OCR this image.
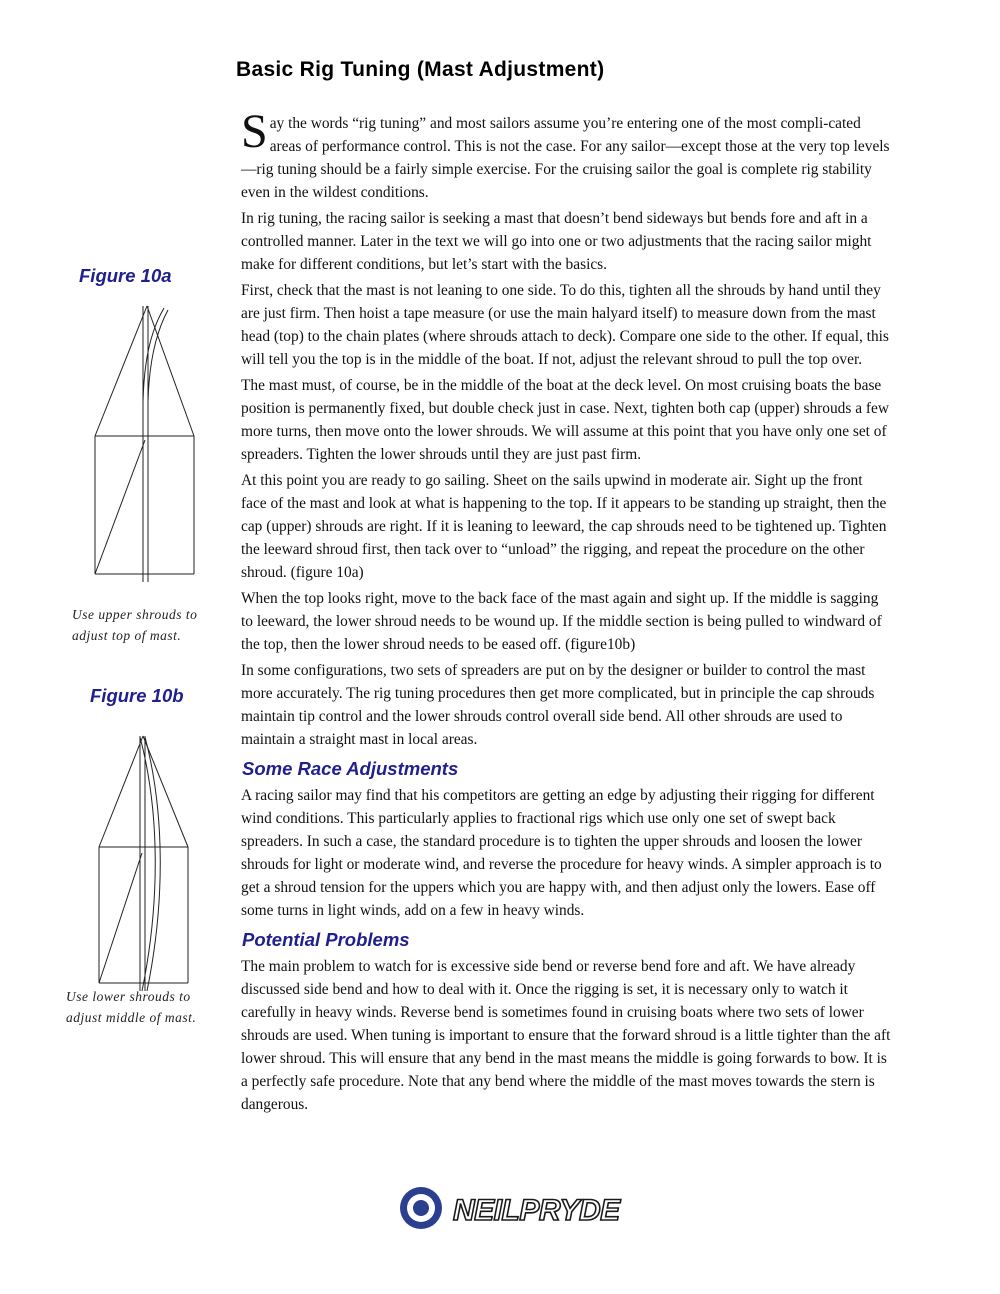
Basic Rig Tuning (Mast Adjustment)
Figure 10a
Use upper shrouds to
adjust top of mast.
Figure 10b
Use lower shrouds to
adjust middle of mast.

Say the words “rig tuning” and most sailors assume you’re entering one of the most compli-cated areas of performance control. This is not the case. For any sailor—except those at the very top levels—rig tuning should be a fairly simple exercise. For the cruising sailor the goal is complete rig stability even in the wildest conditions.

In rig tuning, the racing sailor is seeking a mast that doesn’t bend sideways but bends fore and aft in a controlled manner. Later in the text we will go into one or two adjustments that the racing sailor might make for different conditions, but let’s start with the basics.

First, check that the mast is not leaning to one side. To do this, tighten all the shrouds by hand until they are just firm. Then hoist a tape measure (or use the main halyard itself) to measure down from the mast head (top) to the chain plates (where shrouds attach to deck). Compare one side to the other. If equal, this will tell you the top is in the middle of the boat. If not, adjust the relevant shroud to pull the top over.

The mast must, of course, be in the middle of the boat at the deck level. On most cruising boats the base position is permanently fixed, but double check just in case. Next, tighten both cap (upper) shrouds a few more turns, then move onto the lower shrouds. We will assume at this point that you have only one set of spreaders. Tighten the lower shrouds until they are just past firm.

At this point you are ready to go sailing. Sheet on the sails upwind in moderate air. Sight up the front face of the mast and look at what is happening to the top. If it appears to be standing up straight, then the cap (upper) shrouds are right. If it is leaning to leeward, the cap shrouds need to be tightened up. Tighten the leeward shroud first, then tack over to “unload” the rigging, and repeat the procedure on the other shroud. (figure 10a)

When the top looks right, move to the back face of the mast again and sight up. If the middle is sagging to leeward, the lower shroud needs to be wound up. If the middle section is being pulled to windward of the top, then the lower shroud needs to be eased off. (figure10b)

In some configurations, two sets of spreaders are put on by the designer or builder to control the mast more accurately. The rig tuning procedures then get more complicated, but in principle the cap shrouds maintain tip control and the lower shrouds control overall side bend. All other shrouds are used to maintain a straight mast in local areas.

Some Race Adjustments

A racing sailor may find that his competitors are getting an edge by adjusting their rigging for different wind conditions. This particularly applies to fractional rigs which use only one set of swept back spreaders. In such a case, the standard procedure is to tighten the upper shrouds and loosen the lower shrouds for light or moderate wind, and reverse the procedure for heavy winds. A simpler approach is to get a shroud tension for the uppers which you are happy with, and then adjust only the lowers. Ease off some turns in light winds, add on a few in heavy winds.

Potential Problems

The main problem to watch for is excessive side bend or reverse bend fore and aft. We have already discussed side bend and how to deal with it. Once the rigging is set, it is necessary only to watch it carefully in heavy winds. Reverse bend is sometimes found in cruising boats where two sets of lower shrouds are used. When tuning is important to ensure that the forward shroud is a little tighter than the aft lower shroud. This will ensure that any bend in the mast means the middle is going forwards to bow. It is a perfectly safe procedure. Note that any bend where the middle of the mast moves towards the stern is dangerous.

NEILPRYDE
